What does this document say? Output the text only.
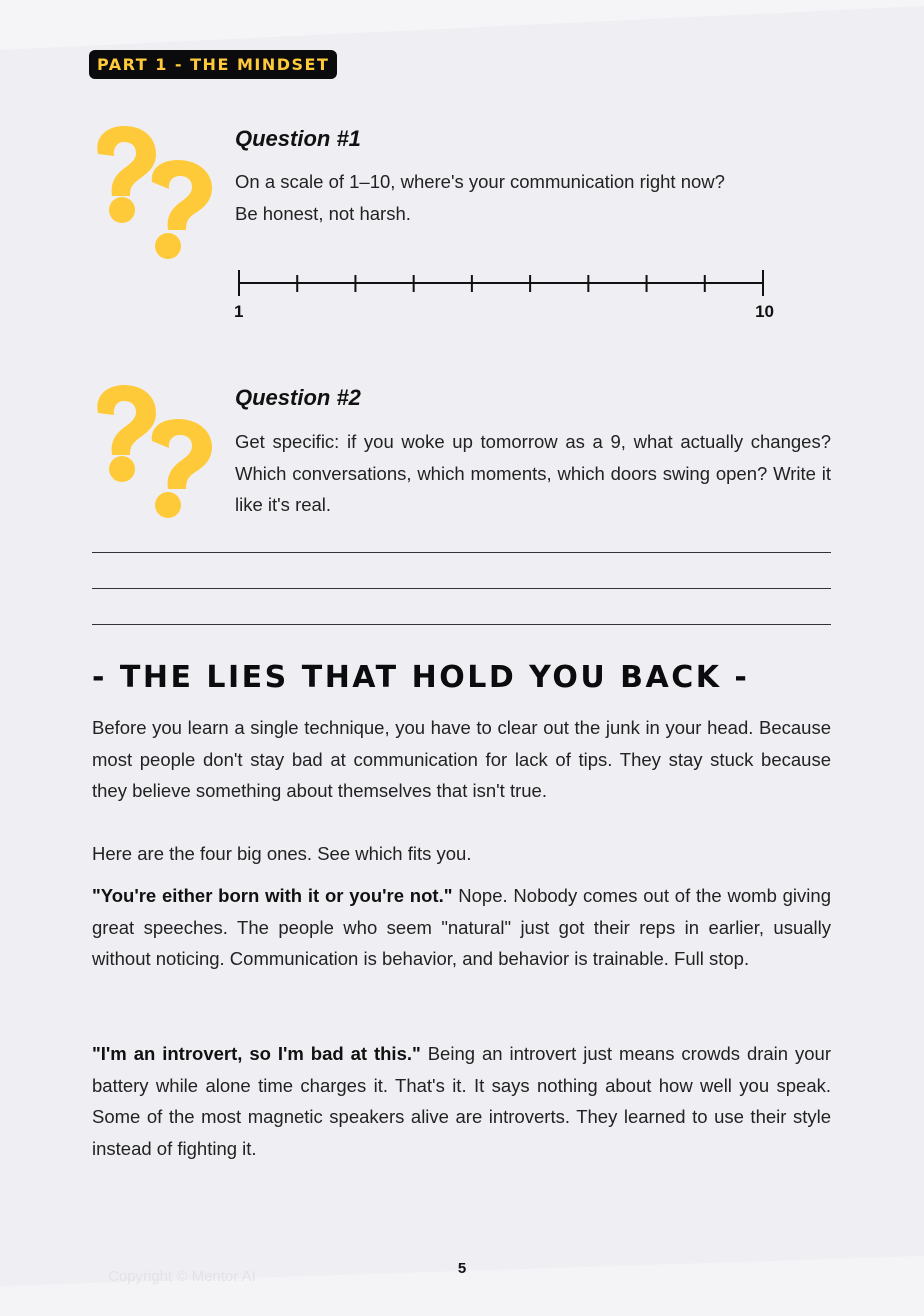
PART 1 - THE MINDSET
Question #1
On a scale of 1–10, where's your communication right now?
Be honest, not harsh.
1	10
Question #2
Get specific: if you woke up tomorrow as a 9, what actually changes? Which conversations, which moments, which doors swing open? Write it like it's real.
- THE LIES THAT HOLD YOU BACK -
Before you learn a single technique, you have to clear out the junk in your head. Because most people don't stay bad at communication for lack of tips. They stay stuck because they believe something about themselves that isn't true.
Here are the four big ones. See which fits you.
"You're either born with it or you're not." Nope. Nobody comes out of the womb giving great speeches. The people who seem "natural" just got their reps in earlier, usually without noticing. Communication is behavior, and behavior is trainable. Full stop.
"I'm an introvert, so I'm bad at this." Being an introvert just means crowds drain your battery while alone time charges it. That's it. It says nothing about how well you speak. Some of the most magnetic speakers alive are introverts. They learned to use their style instead of fighting it.
Copyright © Mentor AI	5
